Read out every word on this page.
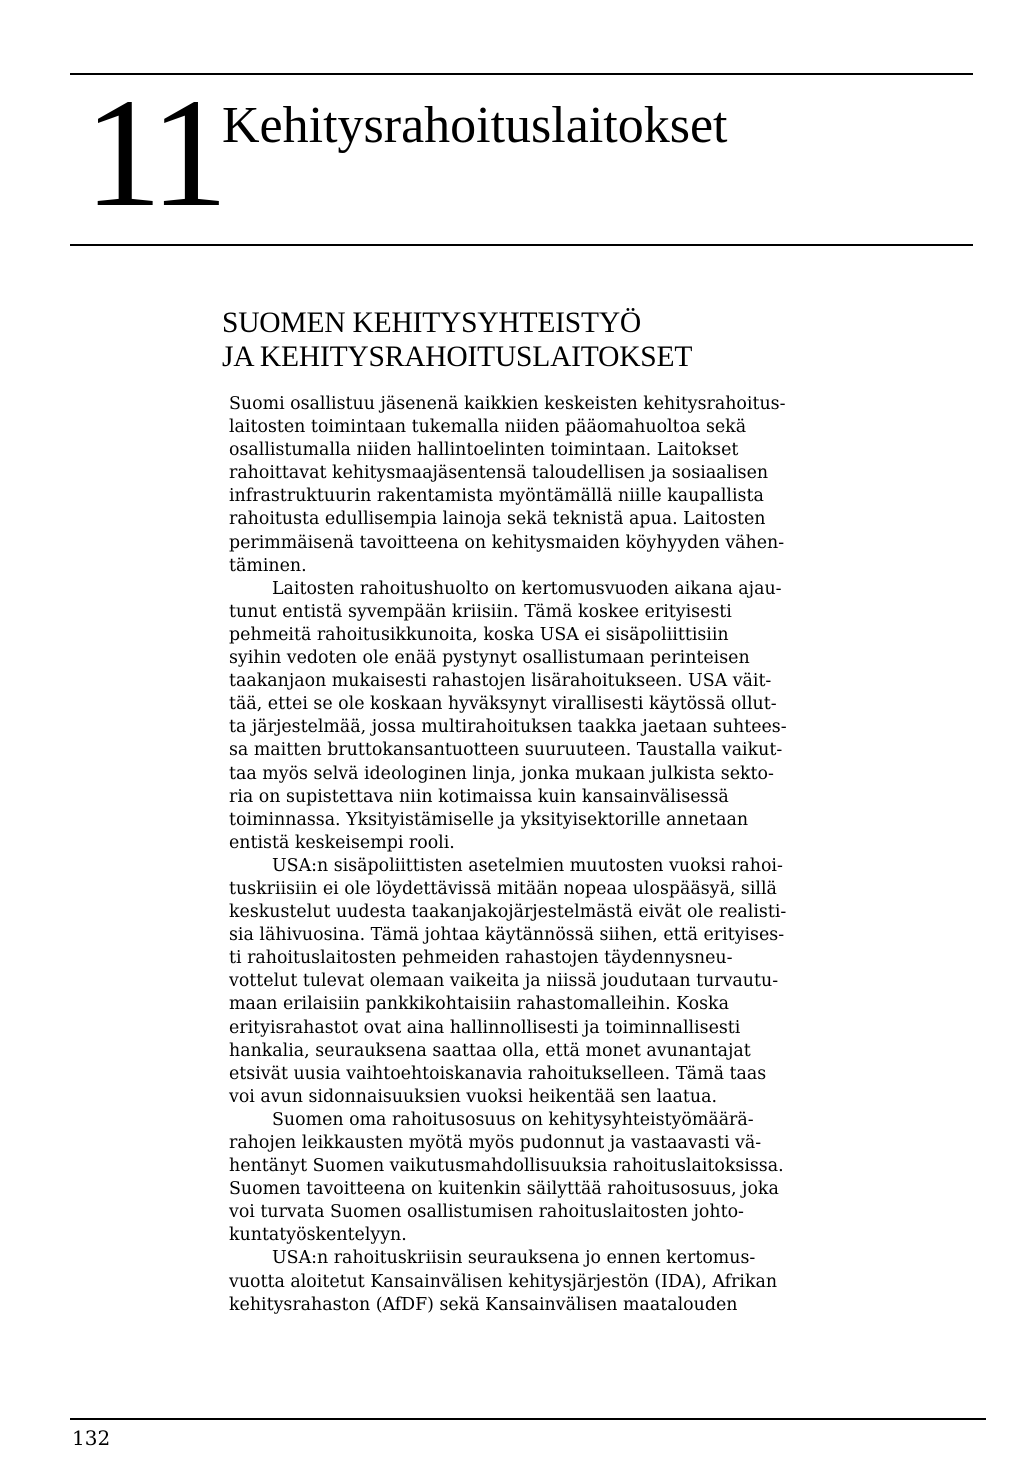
11 Kehitysrahoituslaitokset
SUOMEN KEHITYSYHTEISTYÖ
JA KEHITYSRAHOITUSLAITOKSET
Suomi osallistuu jäsenenä kaikkien keskeisten kehitysrahoitus-
laitosten toimintaan tukemalla niiden pääomahuoltoa sekä
osallistumalla niiden hallintoelinten toimintaan. Laitokset
rahoittavat kehitysmaajäsentensä taloudellisen ja sosiaalisen
infrastruktuurin rakentamista myöntämällä niille kaupallista
rahoitusta edullisempia lainoja sekä teknistä apua. Laitosten
perimmäisenä tavoitteena on kehitysmaiden köyhyyden vähen-
täminen.
Laitosten rahoitushuolto on kertomusvuoden aikana ajau-
tunut entistä syvempään kriisiin. Tämä koskee erityisesti
pehmeitä rahoitusikkunoita, koska USA ei sisäpoliittisiin
syihin vedoten ole enää pystynyt osallistumaan perinteisen
taakanjaon mukaisesti rahastojen lisärahoitukseen. USA väit-
tää, ettei se ole koskaan hyväksynyt virallisesti käytössä ollut-
ta järjestelmää, jossa multirahoituksen taakka jaetaan suhtees-
sa maitten bruttokansantuotteen suuruuteen. Taustalla vaikut-
taa myös selvä ideologinen linja, jonka mukaan julkista sekto-
ria on supistettava niin kotimaissa kuin kansainvälisessä
toiminnassa. Yksityistämiselle ja yksityisektorille annetaan
entistä keskeisempi rooli.
USA:n sisäpoliittisten asetelmien muutosten vuoksi rahoi-
tuskriisiin ei ole löydettävissä mitään nopeaa ulospääsyä, sillä
keskustelut uudesta taakanjakojärjestelmästä eivät ole realisti-
sia lähivuosina. Tämä johtaa käytännössä siihen, että erityises-
ti rahoituslaitosten pehmeiden rahastojen täydennysneu-
vottelut tulevat olemaan vaikeita ja niissä joudutaan turvautu-
maan erilaisiin pankkikohtaisiin rahastomalleihin. Koska
erityisrahastot ovat aina hallinnollisesti ja toiminnallisesti
hankalia, seurauksena saattaa olla, että monet avunantajat
etsivät uusia vaihtoehtoiskanavia rahoitukselleen. Tämä taas
voi avun sidonnaisuuksien vuoksi heikentää sen laatua.
Suomen oma rahoitusosuus on kehitysyhteistyömäärä-
rahojen leikkausten myötä myös pudonnut ja vastaavasti vä-
hentänyt Suomen vaikutusmahdollisuuksia rahoituslaitoksissa.
Suomen tavoitteena on kuitenkin säilyttää rahoitusosuus, joka
voi turvata Suomen osallistumisen rahoituslaitosten johto-
kuntatyöskentelyyn.
USA:n rahoituskriisin seurauksena jo ennen kertomus-
vuotta aloitetut Kansainvälisen kehitysjärjestön (IDA), Afrikan
kehitysrahaston (AfDF) sekä Kansainvälisen maatalouden
132
